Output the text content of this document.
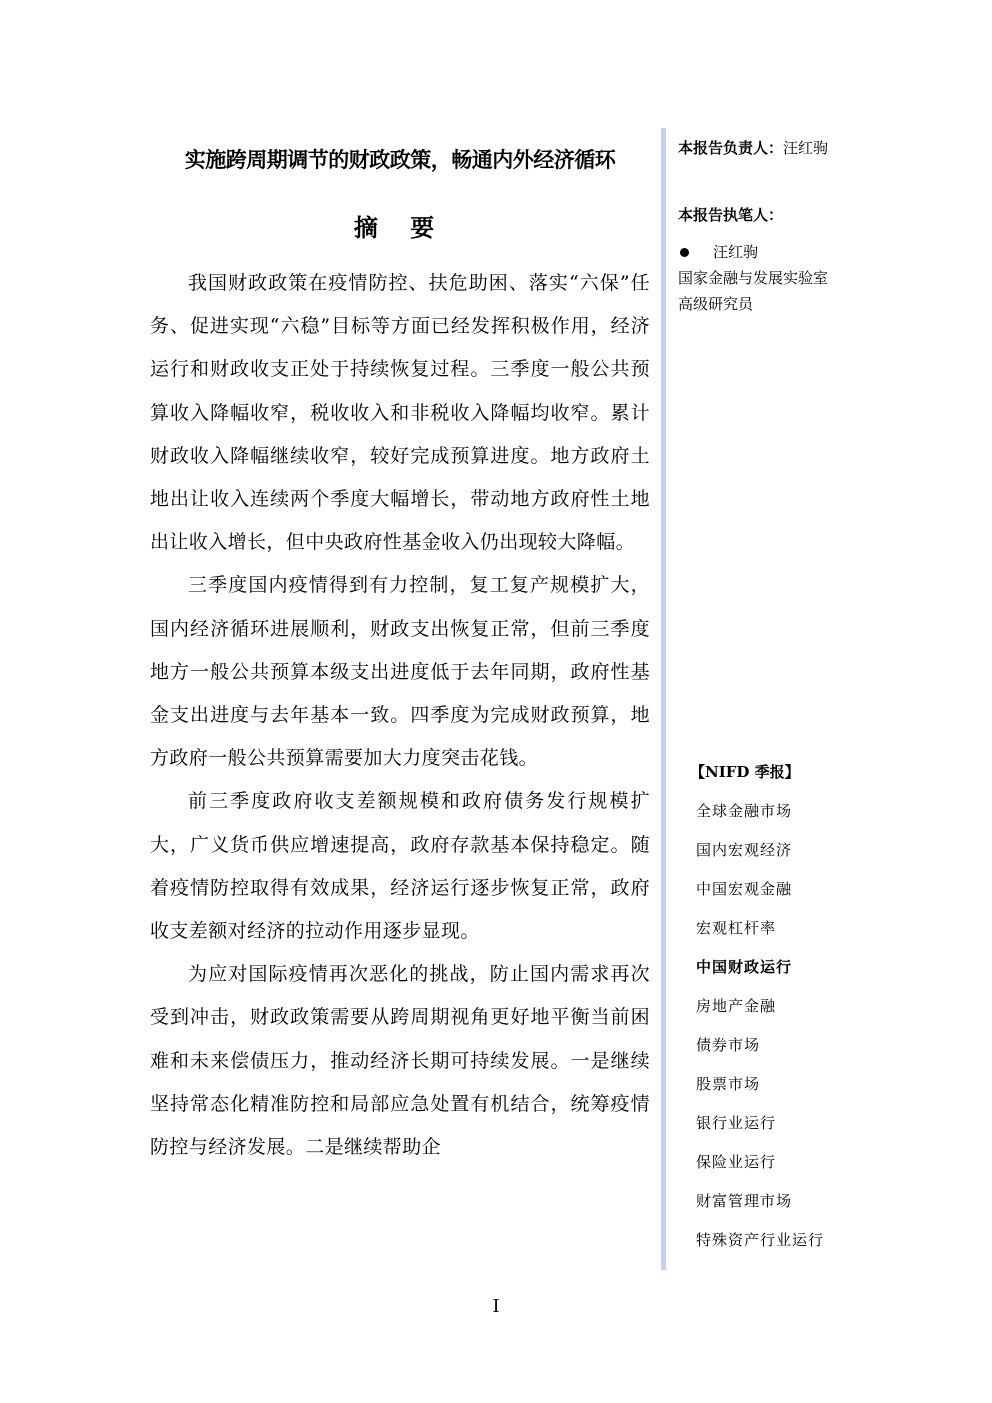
实施跨周期调节的财政政策，畅通内外经济循环
摘 要

我国财政政策在疫情防控、扶危助困、落实“六保”任务、促进实现“六稳”目标等方面已经发挥积极作用，经济运行和财政收支正处于持续恢复过程。三季度一般公共预算收入降幅收窄，税收收入和非税收入降幅均收窄。累计财政收入降幅继续收窄，较好完成预算进度。地方政府土地出让收入连续两个季度大幅增长，带动地方政府性土地出让收入增长，但中央政府性基金收入仍出现较大降幅。

三季度国内疫情得到有力控制，复工复产规模扩大，国内经济循环进展顺利，财政支出恢复正常，但前三季度地方一般公共预算本级支出进度低于去年同期，政府性基金支出进度与去年基本一致。四季度为完成财政预算，地方政府一般公共预算需要加大力度突击花钱。

前三季度政府收支差额规模和政府债务发行规模扩大，广义货币供应增速提高，政府存款基本保持稳定。随着疫情防控取得有效成果，经济运行逐步恢复正常，政府收支差额对经济的拉动作用逐步显现。

为应对国际疫情再次恶化的挑战，防止国内需求再次受到冲击，财政政策需要从跨周期视角更好地平衡当前困难和未来偿债压力，推动经济长期可持续发展。一是继续坚持常态化精准防控和局部应急处置有机结合，统筹疫情防控与经济发展。二是继续帮助企

本报告负责人：汪红驹

本报告执笔人：

汪红驹

国家金融与发展实验室

高级研究员

【NIFD 季报】

全球金融市场
国内宏观经济
中国宏观金融
宏观杠杆率
中国财政运行
房地产金融
债券市场
股票市场
银行业运行
保险业运行
财富管理市场
特殊资产行业运行
I
